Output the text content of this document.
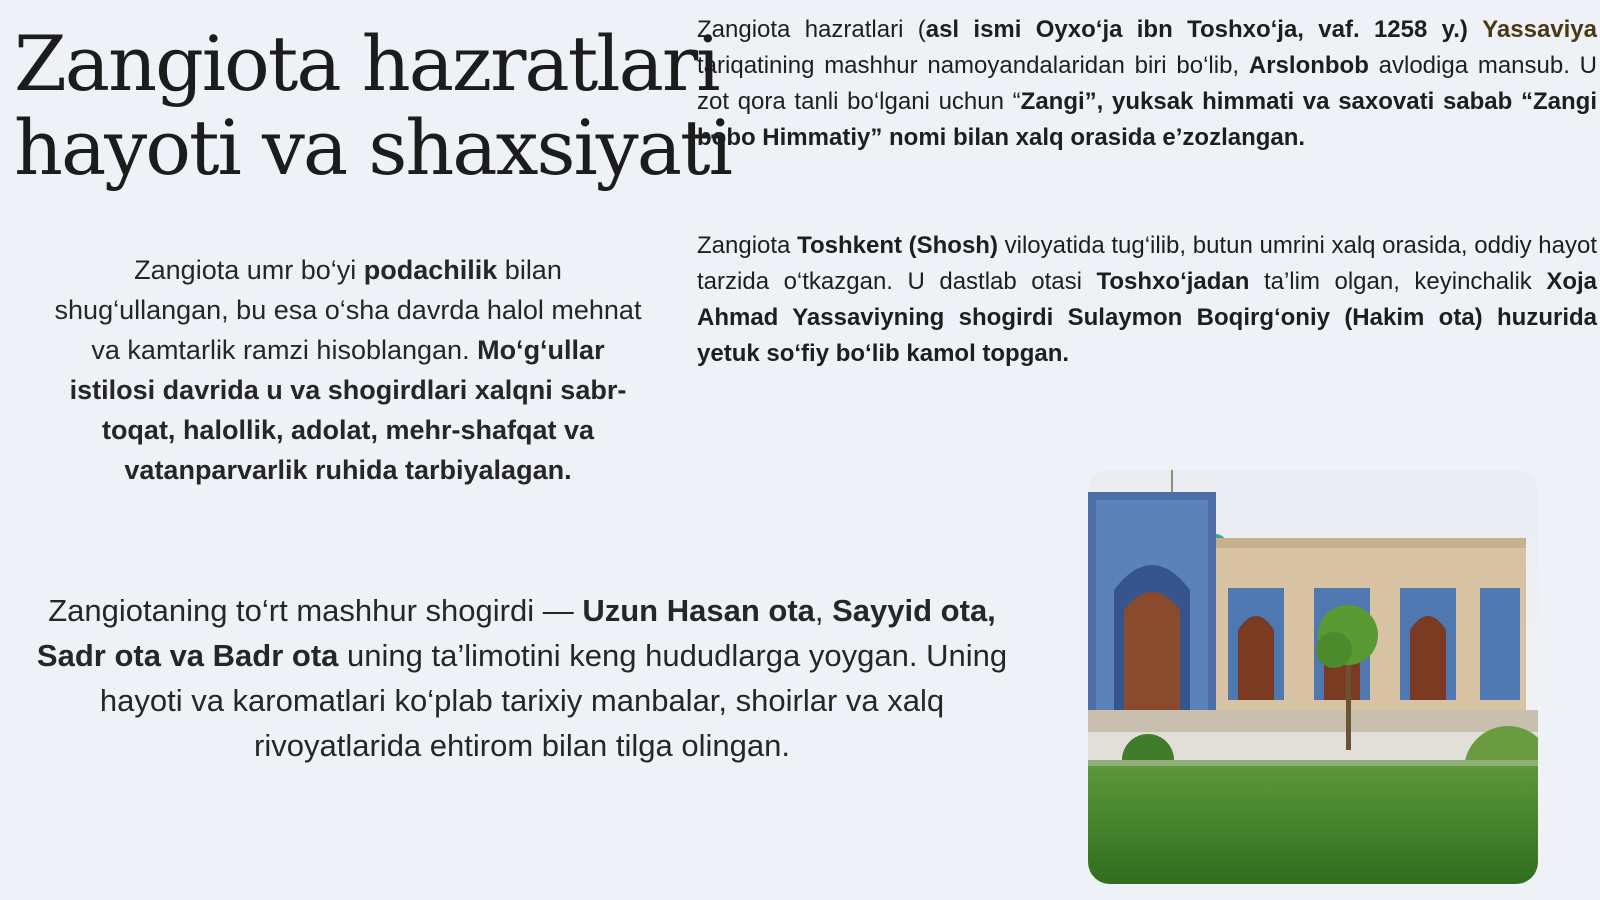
Zangiota hazratlari
hayoti va shaxsiyati

Zangiota hazratlari (asl ismi Oyxo‘ja ibn Toshxo‘ja, vaf. 1258 y.) Yassaviya tariqatining mashhur namoyandalaridan biri bo‘lib, Arslonbob avlodiga mansub. U zot qora tanli bo‘lgani uchun “Zangi”, yuksak himmati va saxovati sabab “Zangi bobo Himmatiy” nomi bilan xalq orasida e’zozlangan.

Zangiota Toshkent (Shosh) viloyatida tug‘ilib, butun umrini xalq orasida, oddiy hayot tarzida o‘tkazgan. U dastlab otasi Toshxo‘jadan ta’lim olgan, keyinchalik Xoja Ahmad Yassaviyning shogirdi Sulaymon Boqirg‘oniy (Hakim ota) huzurida yetuk so‘fiy bo‘lib kamol topgan.

Zangiota umr bo‘yi podachilik bilan shug‘ullangan, bu esa o‘sha davrda halol mehnat va kamtarlik ramzi hisoblangan. Mo‘g‘ullar istilosi davrida u va shogirdlari xalqni sabr-toqat, halollik, adolat, mehr-shafqat va vatanparvarlik ruhida tarbiyalagan.

Zangiotaning to‘rt mashhur shogirdi — Uzun Hasan ota, Sayyid ota, Sadr ota va Badr ota uning ta’limotini keng hududlarga yoygan. Uning hayoti va karomatlari ko‘plab tarixiy manbalar, shoirlar va xalq rivoyatlarida ehtirom bilan tilga olingan.
